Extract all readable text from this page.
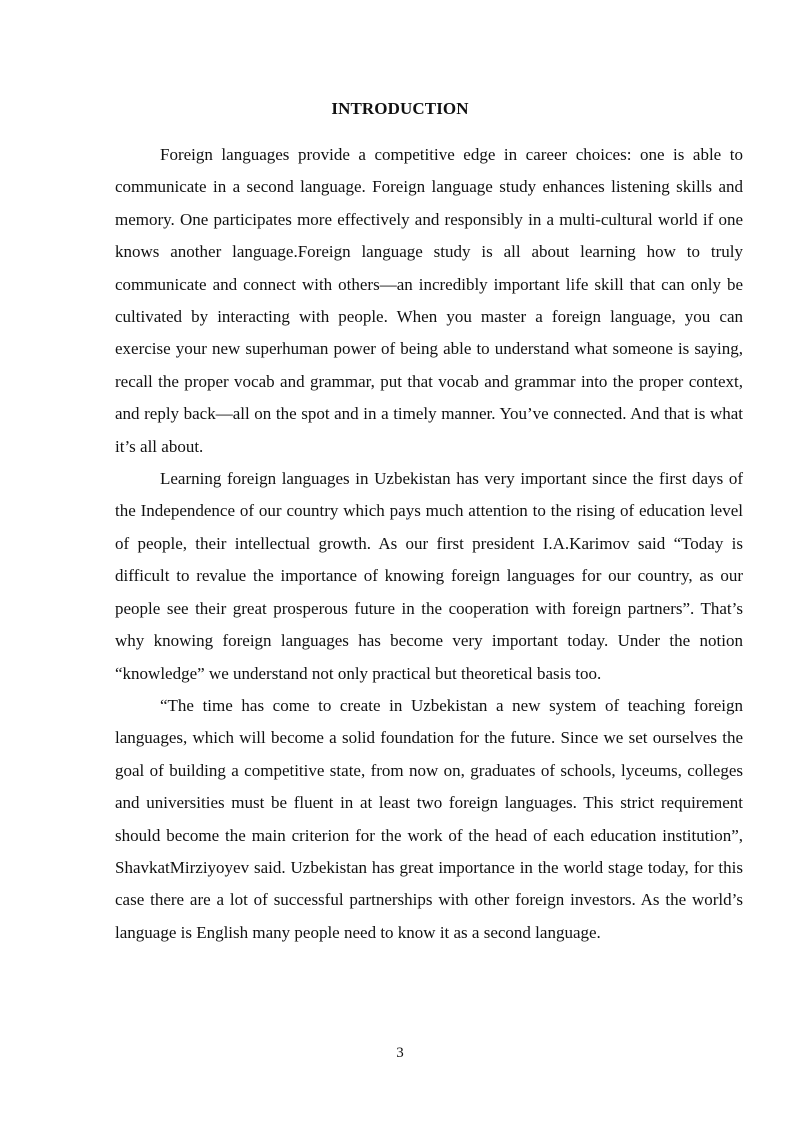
INTRODUCTION

Foreign languages provide a competitive edge in career choices: one is able to communicate in a second language. Foreign language study enhances listening skills and memory. One participates more effectively and responsibly in a multi-cultural world if one knows another language.Foreign language study is all about learning how to truly communicate and connect with others—an incredibly important life skill that can only be cultivated by interacting with people. When you master a foreign language, you can exercise your new superhuman power of being able to understand what someone is saying, recall the proper vocab and grammar, put that vocab and grammar into the proper context, and reply back—all on the spot and in a timely manner. You’ve connected. And that is what it’s all about.

Learning foreign languages in Uzbekistan has very important since the first days of the Independence of our country which pays much attention to the rising of education level of people, their intellectual growth. As our first president I.A.Karimov said “Today is difficult to revalue the importance of knowing foreign languages for our country, as our people see their great prosperous future in the cooperation with foreign partners”. That’s why knowing foreign languages has become very important today. Under the notion “knowledge” we understand not only practical but theoretical basis too.

“The time has come to create in Uzbekistan a new system of teaching foreign languages, which will become a solid foundation for the future. Since we set ourselves the goal of building a competitive state, from now on, graduates of schools, lyceums, colleges and universities must be fluent in at least two foreign languages. This strict requirement should become the main criterion for the work of the head of each education institution”, ShavkatMirziyoyev said. Uzbekistan has great importance in the world stage today, for this case there are a lot of successful partnerships with other foreign investors. As the world’s language is English many people need to know it as a second language.

3
